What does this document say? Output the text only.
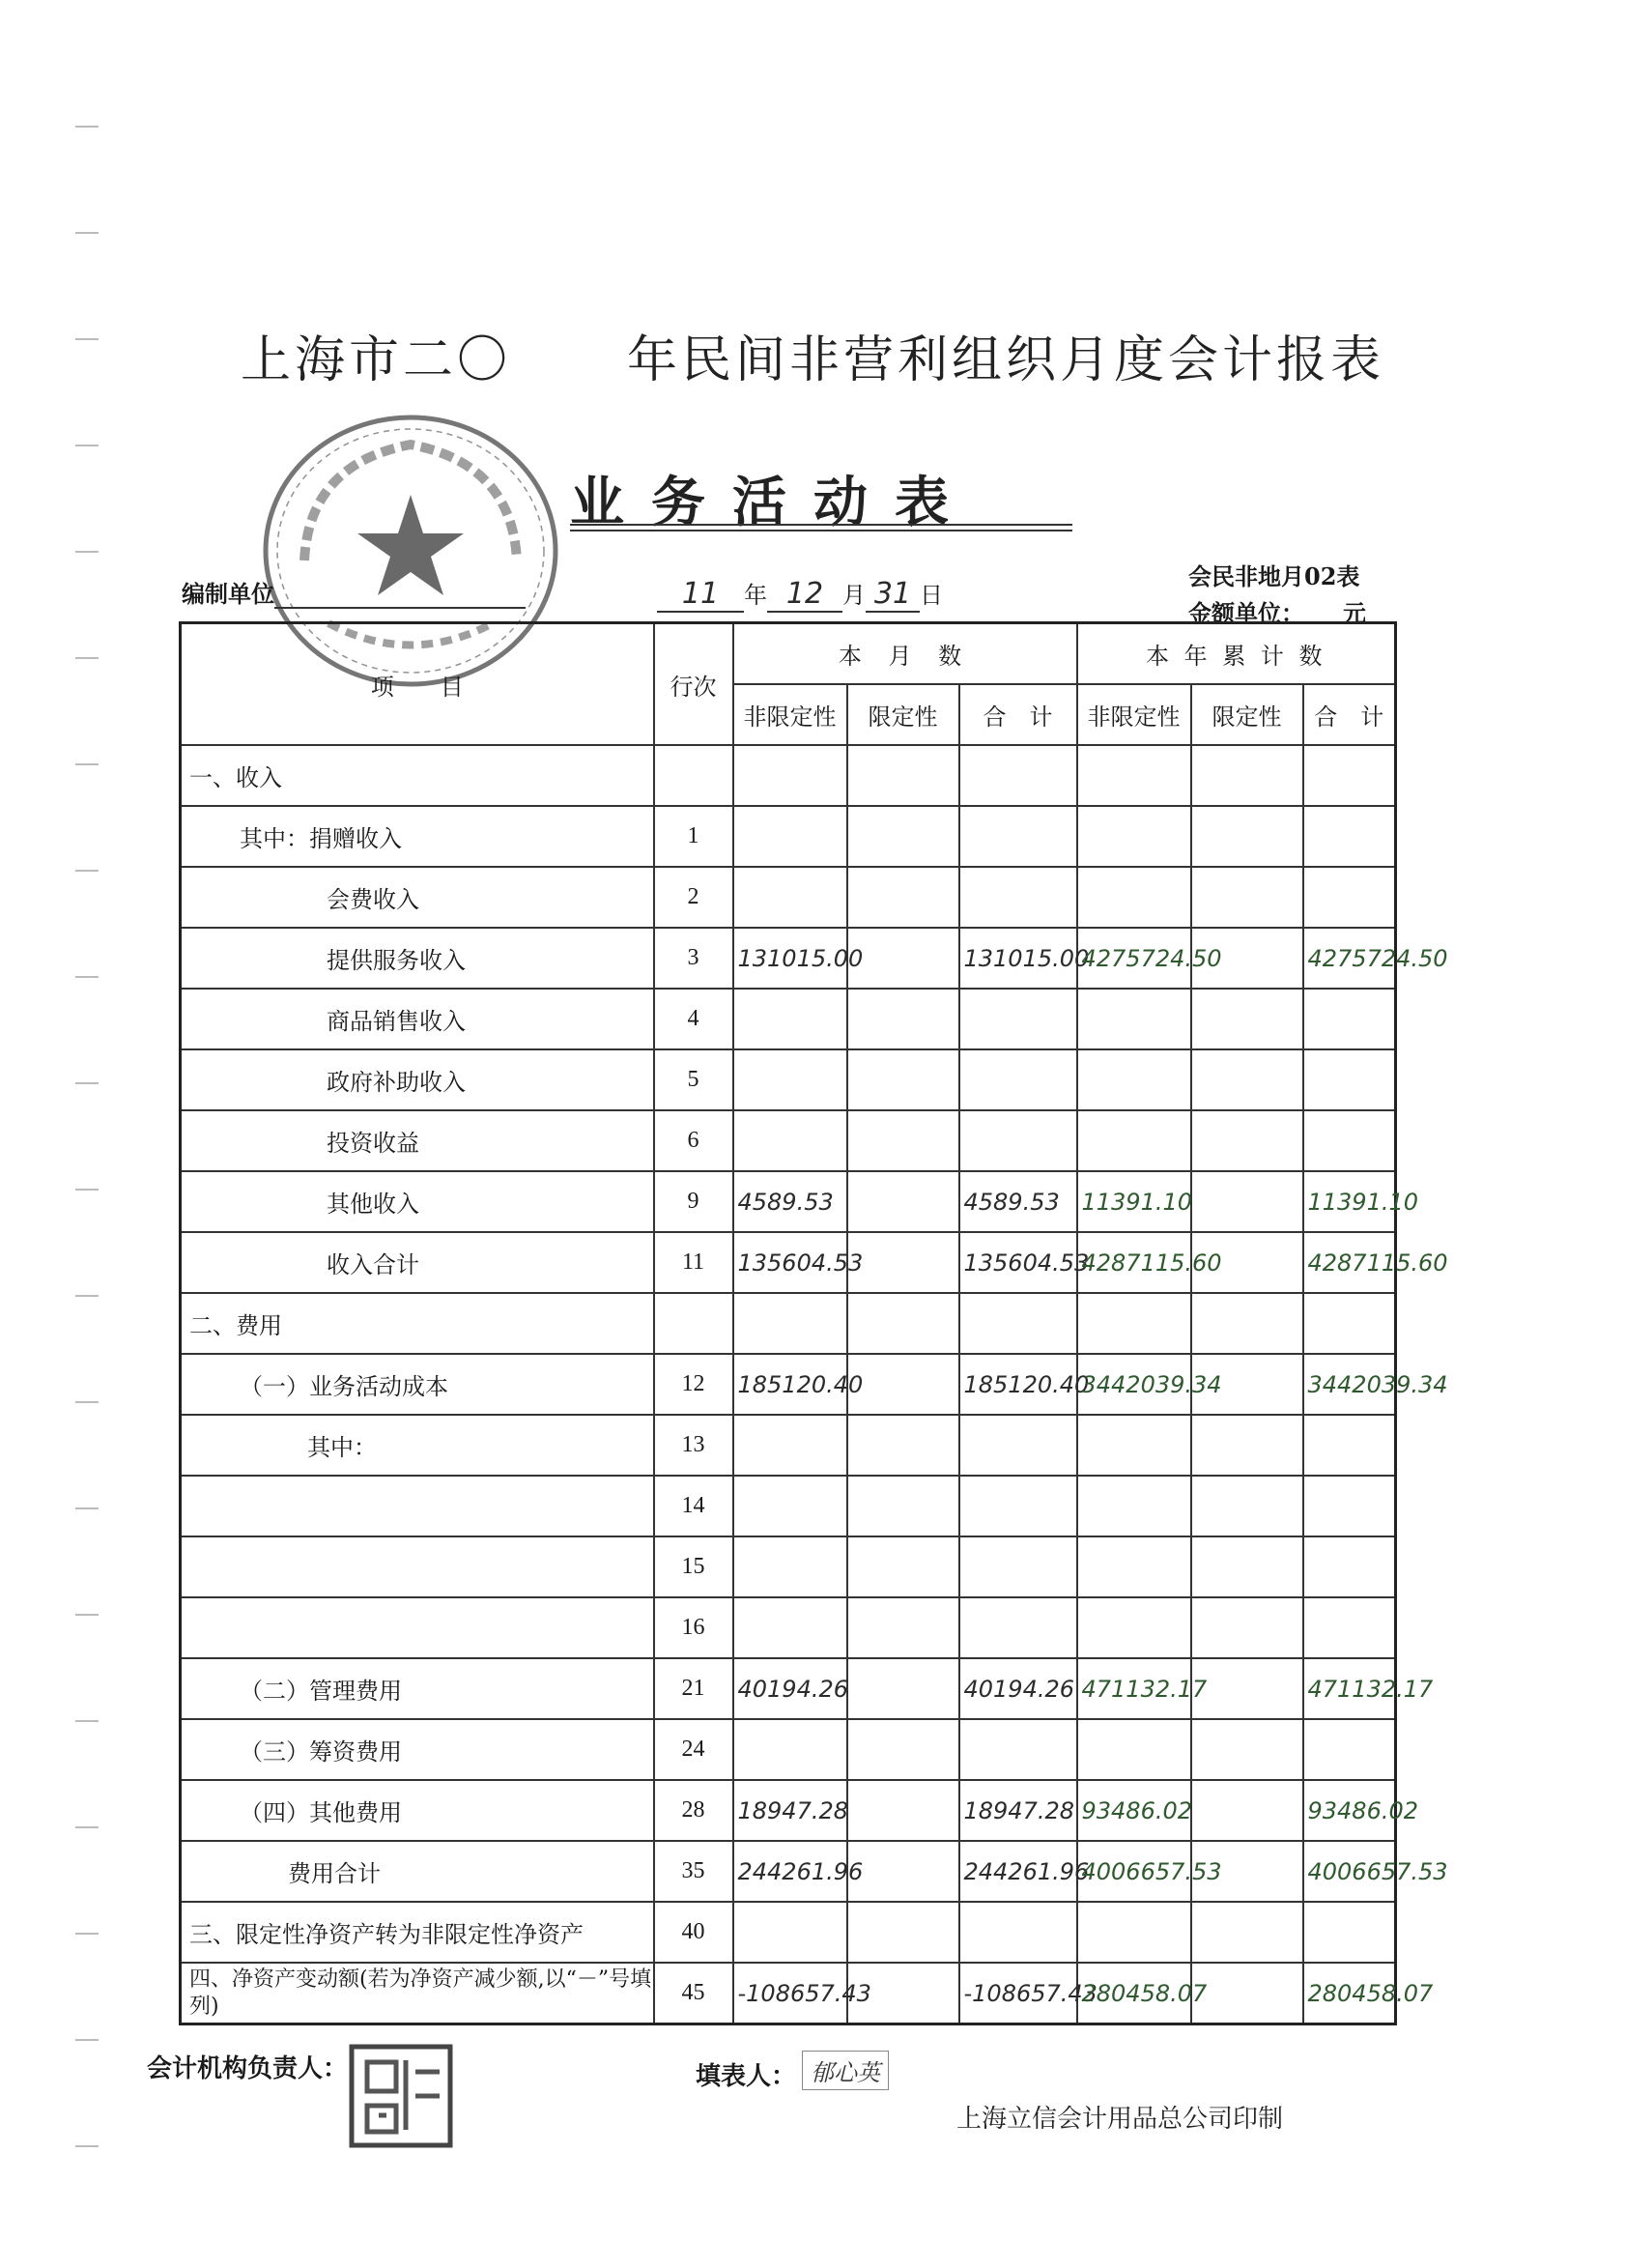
上海市二〇 年民间非营利组织月度会计报表
业务活动表
编制单位	11 年 12 月 31 日
会民非地月02表
金额单位： 元
项　　目	行次	本 月 数			本 年 累 计 数		
		非限定性	限定性	合　计	非限定性	限定性	合　计
一、收入							
其中：捐赠收入	1						
会费收入	2						
提供服务收入	3	131015.00		131015.00	4275724.50		4275724.50
商品销售收入	4						
政府补助收入	5						
投资收益	6						
其他收入	9	4589.53		4589.53	11391.10		11391.10
收入合计	11	135604.53		135604.53	4287115.60		4287115.60
二、费用							
（一）业务活动成本	12	185120.40		185120.40	3442039.34		3442039.34
其中：	13						
	14						
	15						
	16						
（二）管理费用	21	40194.26		40194.26	471132.17		471132.17
（三）筹资费用	24						
（四）其他费用	28	18947.28		18947.28	93486.02		93486.02
费用合计	35	244261.96		244261.96	4006657.53		4006657.53
三、限定性净资产转为非限定性净资产	40						
四、净资产变动额(若为净资产减少额,以“－”号填列)	45	-108657.43		-108657.43	280458.07		280458.07
会计机构负责人：	填表人： 郁心英
上海立信会计用品总公司印制
